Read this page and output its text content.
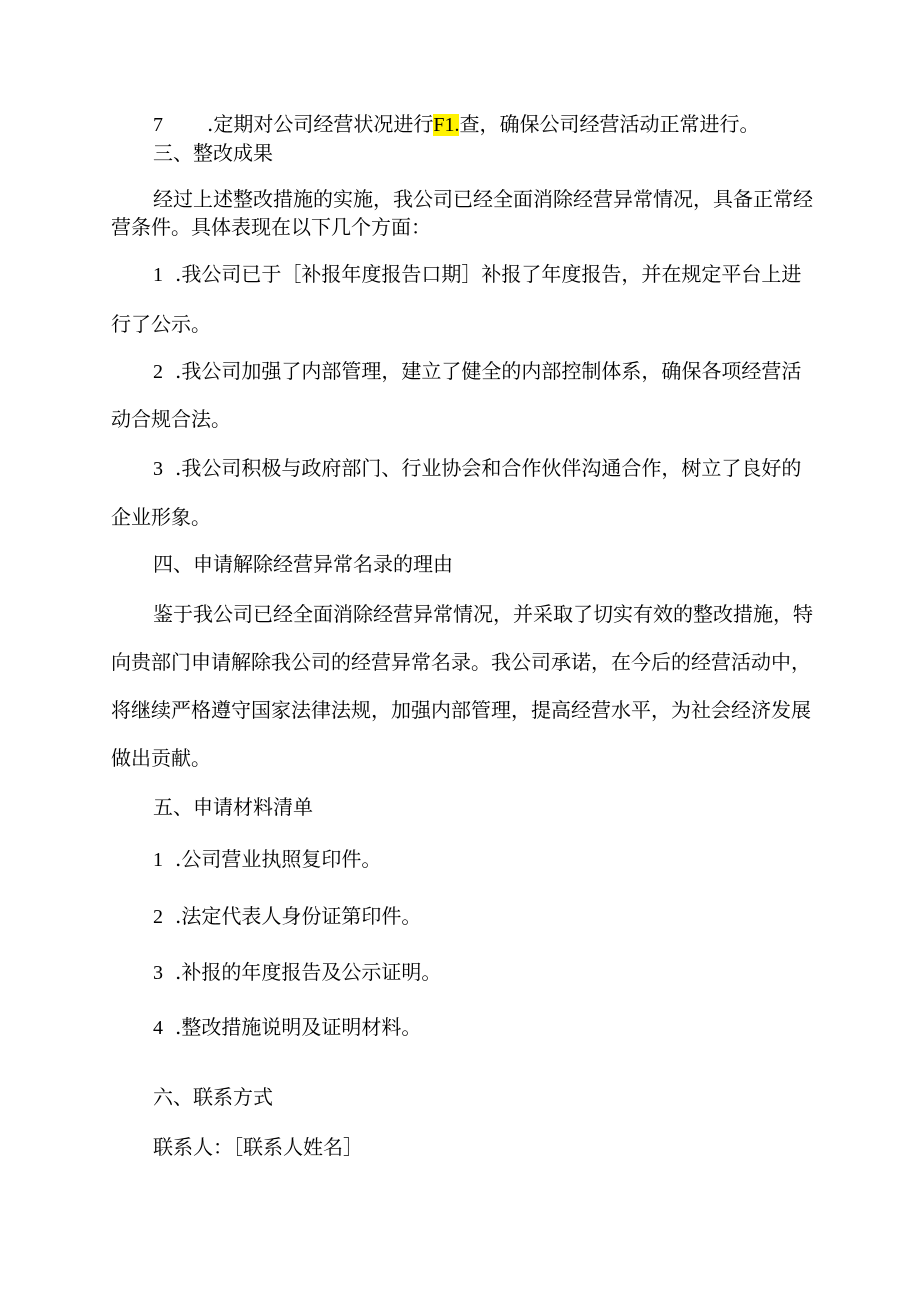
7 .定期对公司经营状况进行F1.查，确保公司经营活动正常进行。

三、整改成果

经过上述整改措施的实施，我公司已经全面消除经营异常情况，具备正常经

营条件。具体表现在以下几个方面：

1 .我公司已于［补报年度报告口期］补报了年度报告，并在规定平台上进

行了公示。

2 .我公司加强了内部管理，建立了健全的内部控制体系，确保各项经营活

动合规合法。

3 .我公司积极与政府部门、行业协会和合作伙伴沟通合作，树立了良好的

企业形象。

四、申请解除经营异常名录的理由

鉴于我公司已经全面消除经营异常情况，并采取了切实有效的整改措施，特

向贵部门申请解除我公司的经营异常名录。我公司承诺，在今后的经营活动中，

将继续严格遵守国家法律法规，加强内部管理，提高经营水平，为社会经济发展

做出贡献。

五、申请材料清单

1 .公司营业执照复印件。

2 .法定代表人身份证第印件。

3 .补报的年度报告及公示证明。

4 .整改措施说明及证明材料。

六、联系方式

联系人：［联系人姓名］
